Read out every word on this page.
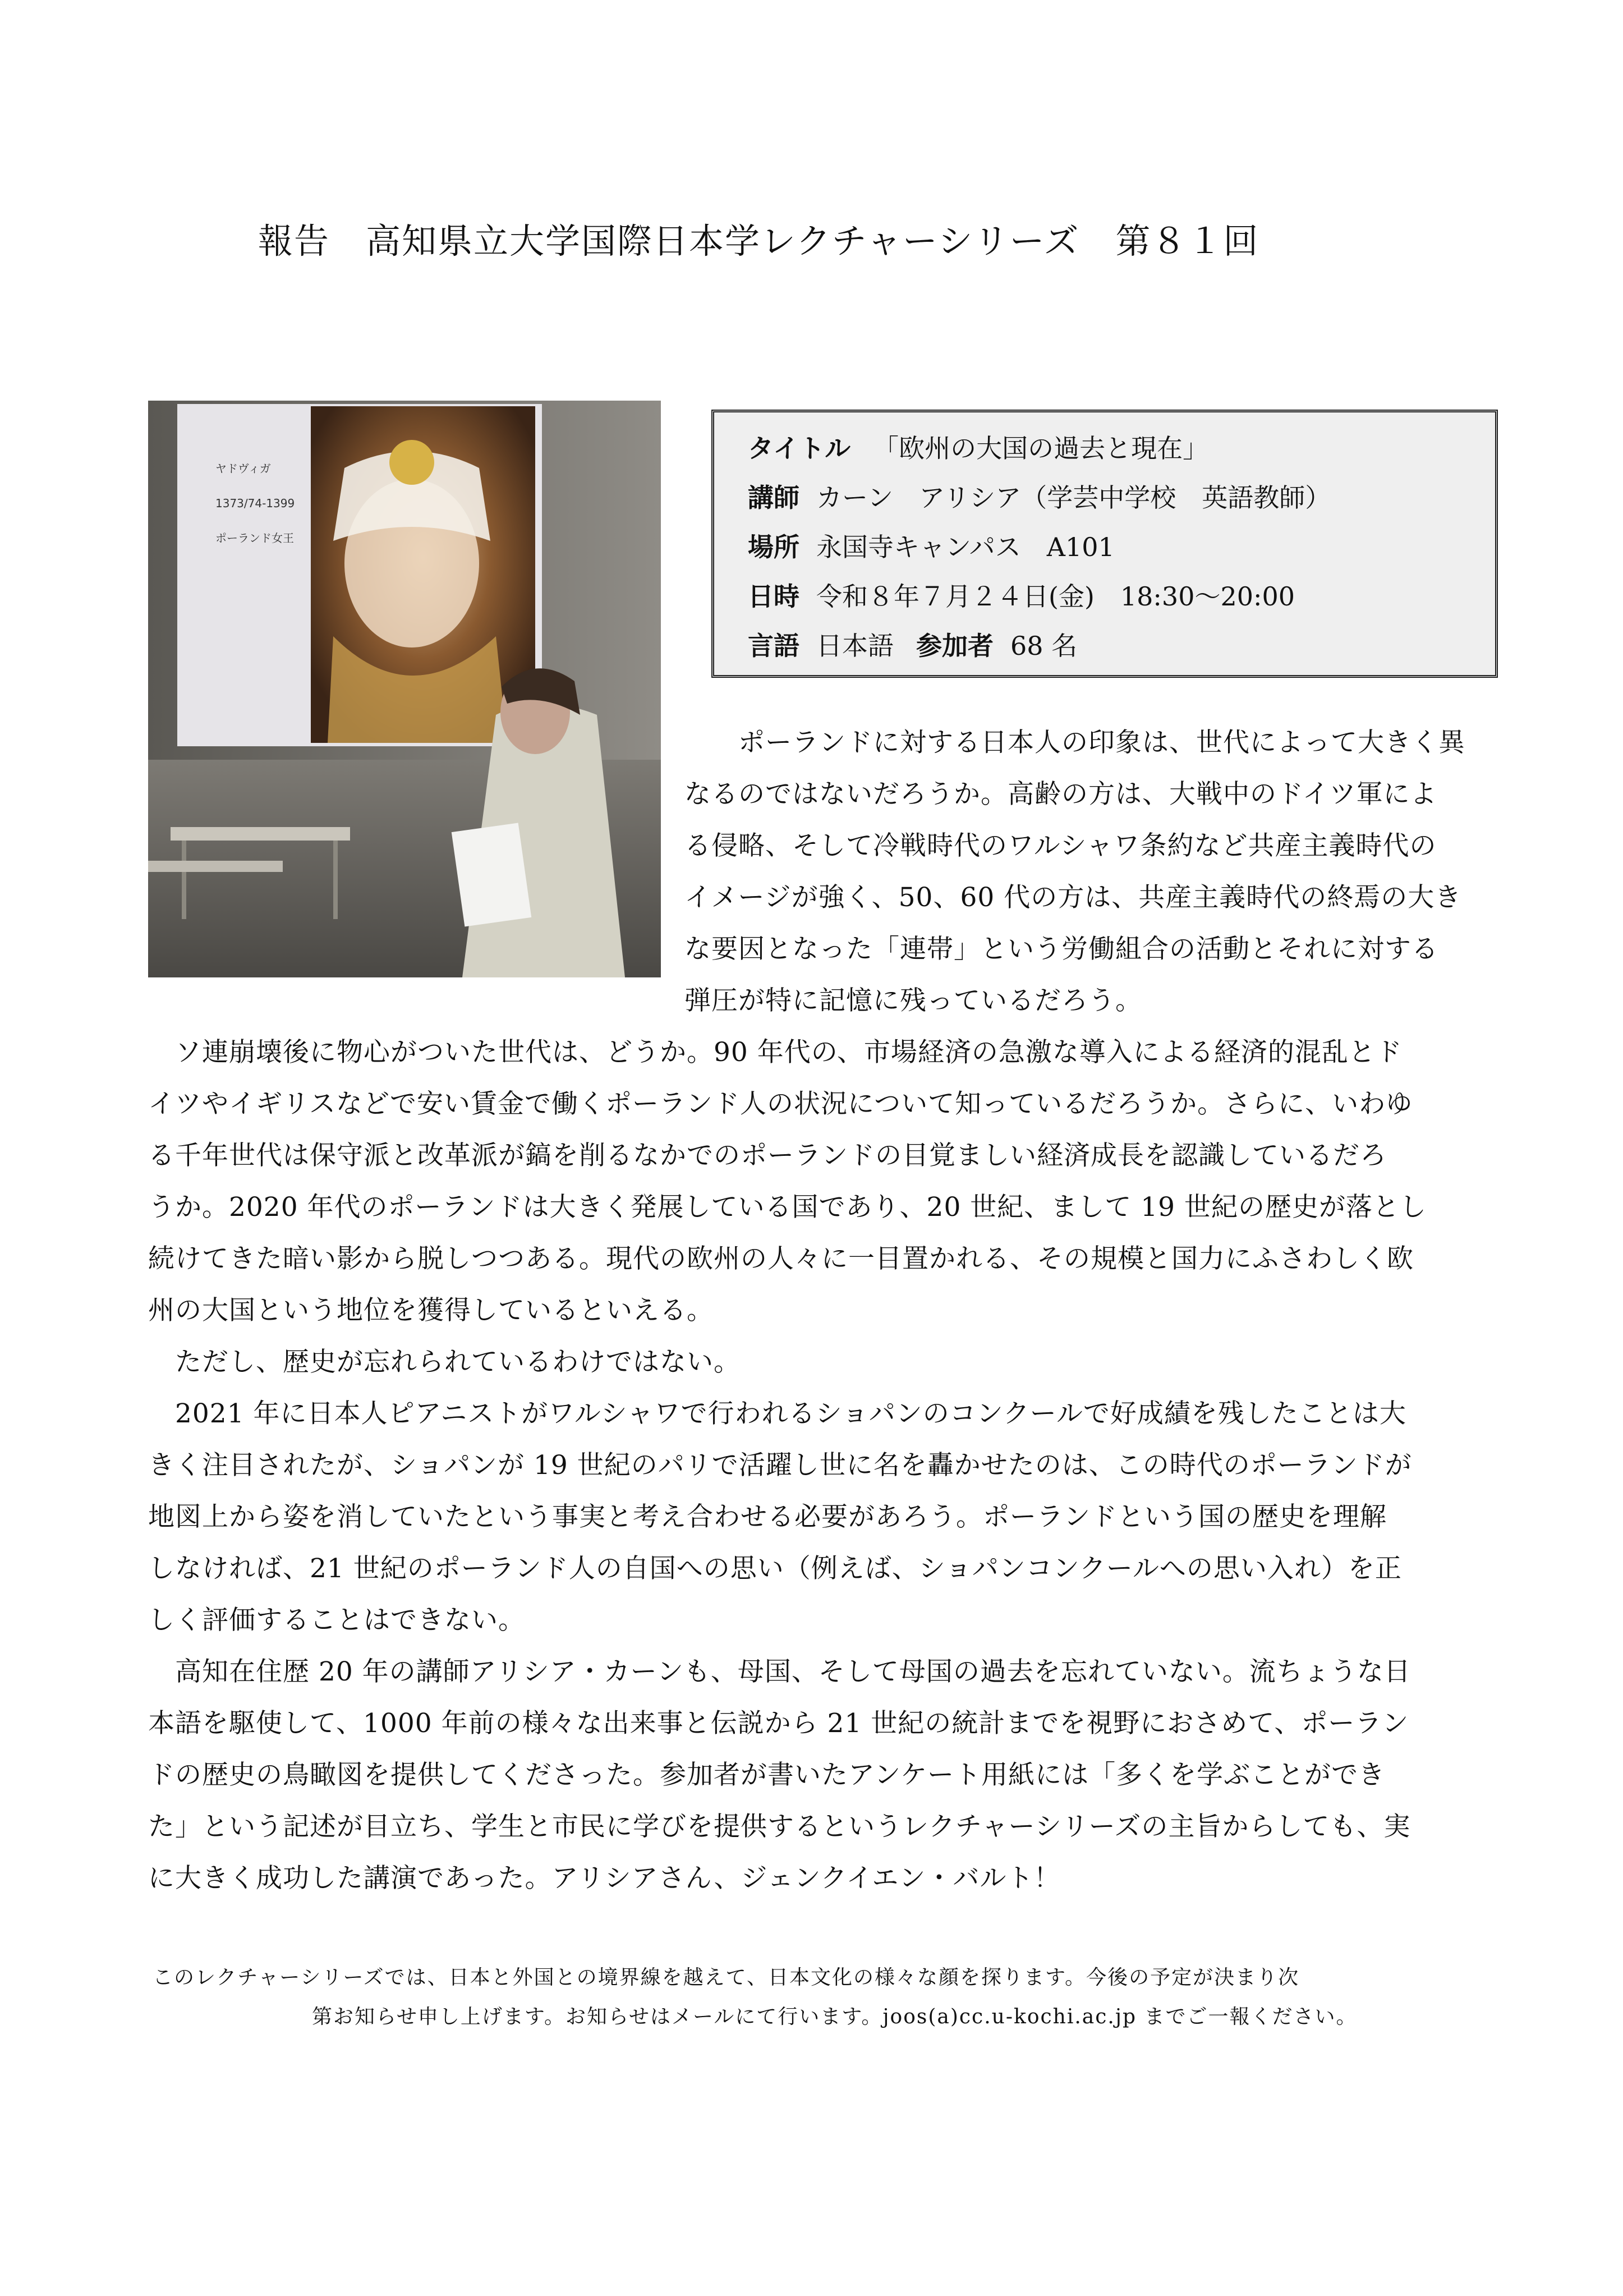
報告　高知県立大学国際日本学レクチャーシリーズ　第８１回
ヤドヴィガ
1373/74-1399
ポーランド女王
タイトル 「欧州の大国の過去と現在」
講師 カーン　アリシア（学芸中学校　英語教師）
場所 永国寺キャンパス　A101
日時 令和８年７月２４日(金)　18:30～20:00
言語 日本語 参加者 68 名
ポーランドに対する日本人の印象は、世代によって大きく異
なるのではないだろうか。高齢の方は、大戦中のドイツ軍によ
る侵略、そして冷戦時代のワルシャワ条約など共産主義時代の
イメージが強く、50、60 代の方は、共産主義時代の終焉の大き
な要因となった「連帯」という労働組合の活動とそれに対する
弾圧が特に記憶に残っているだろう。
ソ連崩壊後に物心がついた世代は、どうか。90 年代の、市場経済の急激な導入による経済的混乱とド
イツやイギリスなどで安い賃金で働くポーランド人の状況について知っているだろうか。さらに、いわゆ
る千年世代は保守派と改革派が鎬を削るなかでのポーランドの目覚ましい経済成長を認識しているだろ
うか。2020 年代のポーランドは大きく発展している国であり、20 世紀、まして 19 世紀の歴史が落とし
続けてきた暗い影から脱しつつある。現代の欧州の人々に一目置かれる、その規模と国力にふさわしく欧
州の大国という地位を獲得しているといえる。
ただし、歴史が忘れられているわけではない。
2021 年に日本人ピアニストがワルシャワで行われるショパンのコンクールで好成績を残したことは大
きく注目されたが、ショパンが 19 世紀のパリで活躍し世に名を轟かせたのは、この時代のポーランドが
地図上から姿を消していたという事実と考え合わせる必要があろう。ポーランドという国の歴史を理解
しなければ、21 世紀のポーランド人の自国への思い（例えば、ショパンコンクールへの思い入れ）を正
しく評価することはできない。
高知在住歴 20 年の講師アリシア・カーンも、母国、そして母国の過去を忘れていない。流ちょうな日
本語を駆使して、1000 年前の様々な出来事と伝説から 21 世紀の統計までを視野におさめて、ポーラン
ドの歴史の鳥瞰図を提供してくださった。参加者が書いたアンケート用紙には「多くを学ぶことができ
た」という記述が目立ち、学生と市民に学びを提供するというレクチャーシリーズの主旨からしても、実
に大きく成功した講演であった。アリシアさん、ジェンクイエン・バルト！
このレクチャーシリーズでは、日本と外国との境界線を越えて、日本文化の様々な顔を探ります。今後の予定が決まり次
第お知らせ申し上げます。お知らせはメールにて行います。joos(a)cc.u-kochi.ac.jp までご一報ください。
